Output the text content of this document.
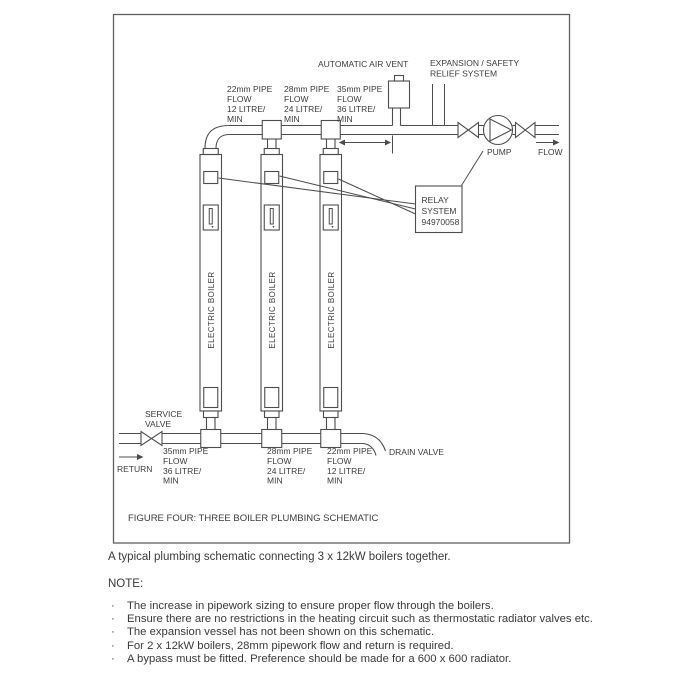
AUTOMATIC AIR VENT	EXPANSION / SAFETY
RELIEF SYSTEM
PUMP	FLOW
22mm PIPE
FLOW
12 LITRE/
MIN
28mm PIPE
FLOW
24 LITRE/
MIN
35mm PIPE
FLOW
36 LITRE/
MIN
ELECTRIC BOILER	ELECTRIC BOILER	ELECTRIC BOILER
RELAY
SYSTEM
94970058
DRAIN VALVE
SERVICE
VALVE
RETURN
35mm PIPE
FLOW
36 LITRE/
MIN
28mm PIPE
FLOW
24 LITRE/
MIN
22mm PIPE
FLOW
12 LITRE/
MIN
FIGURE FOUR: THREE BOILER PLUMBING SCHEMATIC
A typical plumbing schematic connecting 3 x 12kW boilers together.
NOTE:
·	The increase in pipework sizing to ensure proper flow through the boilers.
·	Ensure there are no restrictions in the heating circuit such as thermostatic radiator valves etc.
·	The expansion vessel has not been shown on this schematic.
·	For 2 x 12kW boilers, 28mm pipework flow and return is required.
·	A bypass must be fitted. Preference should be made for a 600 x 600 radiator.
